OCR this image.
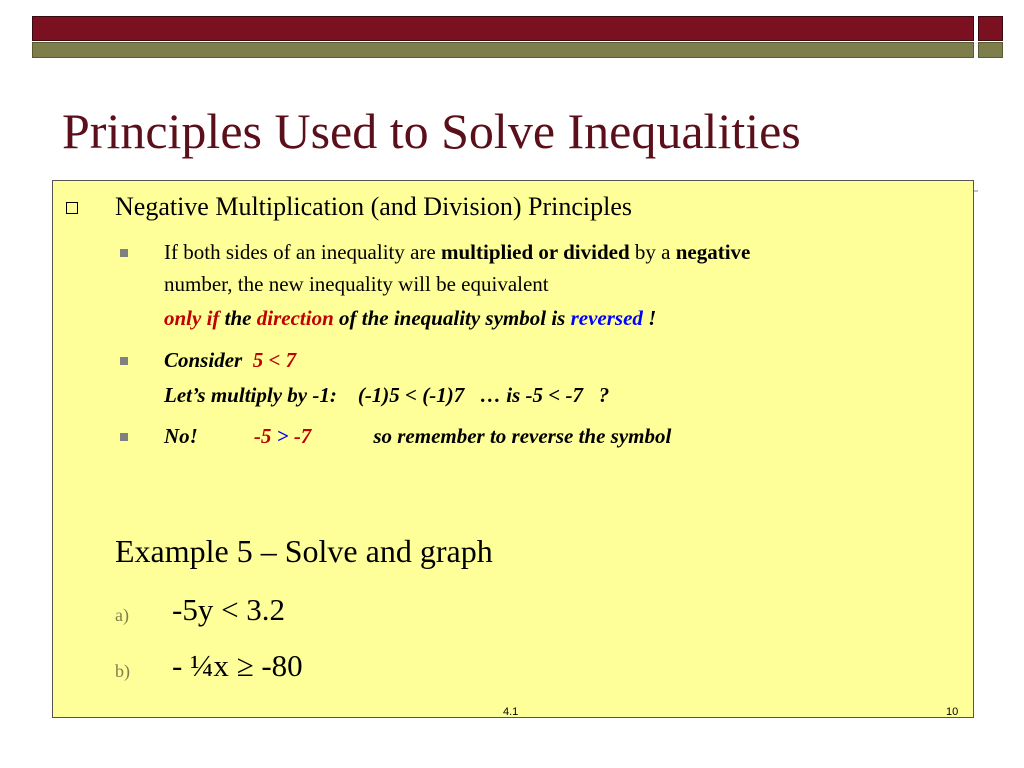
Principles Used to Solve Inequalities
Negative Multiplication (and Division) Principles
If both sides of an inequality are multiplied or divided by a negative
number, the new inequality will be equivalent
only if the direction of the inequality symbol is reversed !
Consider 5 < 7
Let’s multiply by -1:    (-1)5 < (-1)7   … is -5 < -7   ?
No!	-5 > -7	so remember to reverse the symbol
Example 5 – Solve and graph
a) -5y < 3.2
b) - ¼x ≥ -80
4.1	10
